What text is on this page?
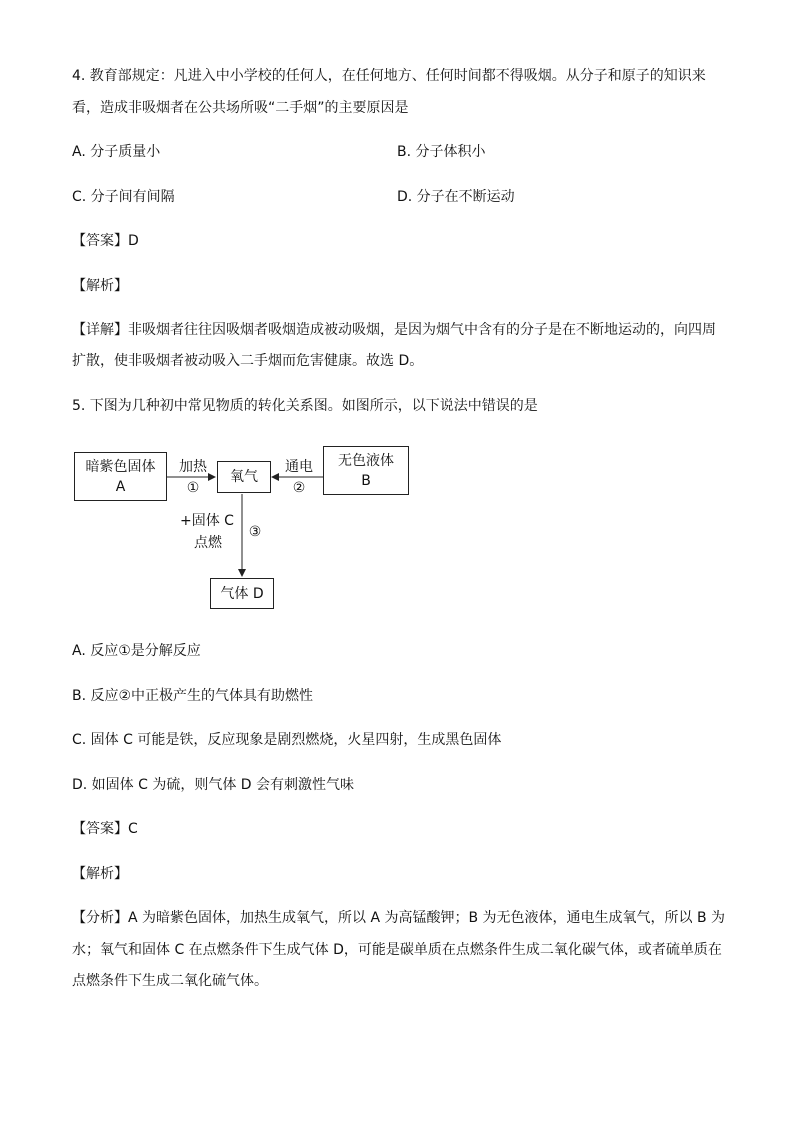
4. 教育部规定：凡进入中小学校的任何人，在任何地方、任何时间都不得吸烟。从分子和原子的知识来
看，造成非吸烟者在公共场所吸“二手烟”的主要原因是
A. 分子质量小	B. 分子体积小
C. 分子间有间隔	D. 分子在不断运动
【答案】D
【解析】
【详解】非吸烟者往往因吸烟者吸烟造成被动吸烟，是因为烟气中含有的分子是在不断地运动的，向四周
扩散，使非吸烟者被动吸入二手烟而危害健康。故选 D。
5. 下图为几种初中常见物质的转化关系图。如图所示，以下说法中错误的是
暗紫色固体
A
加热
①
氧气
通电
②
无色液体
B
+固体 C
点燃
③
气体 D
A. 反应①是分解反应
B. 反应②中正极产生的气体具有助燃性
C. 固体 C 可能是铁，反应现象是剧烈燃烧，火星四射，生成黑色固体
D. 如固体 C 为硫，则气体 D 会有刺激性气味
【答案】C
【解析】
【分析】A 为暗紫色固体，加热生成氧气，所以 A 为高锰酸钾；B 为无色液体，通电生成氧气，所以 B 为
水；氧气和固体 C 在点燃条件下生成气体 D，可能是碳单质在点燃条件生成二氧化碳气体，或者硫单质在
点燃条件下生成二氧化硫气体。
